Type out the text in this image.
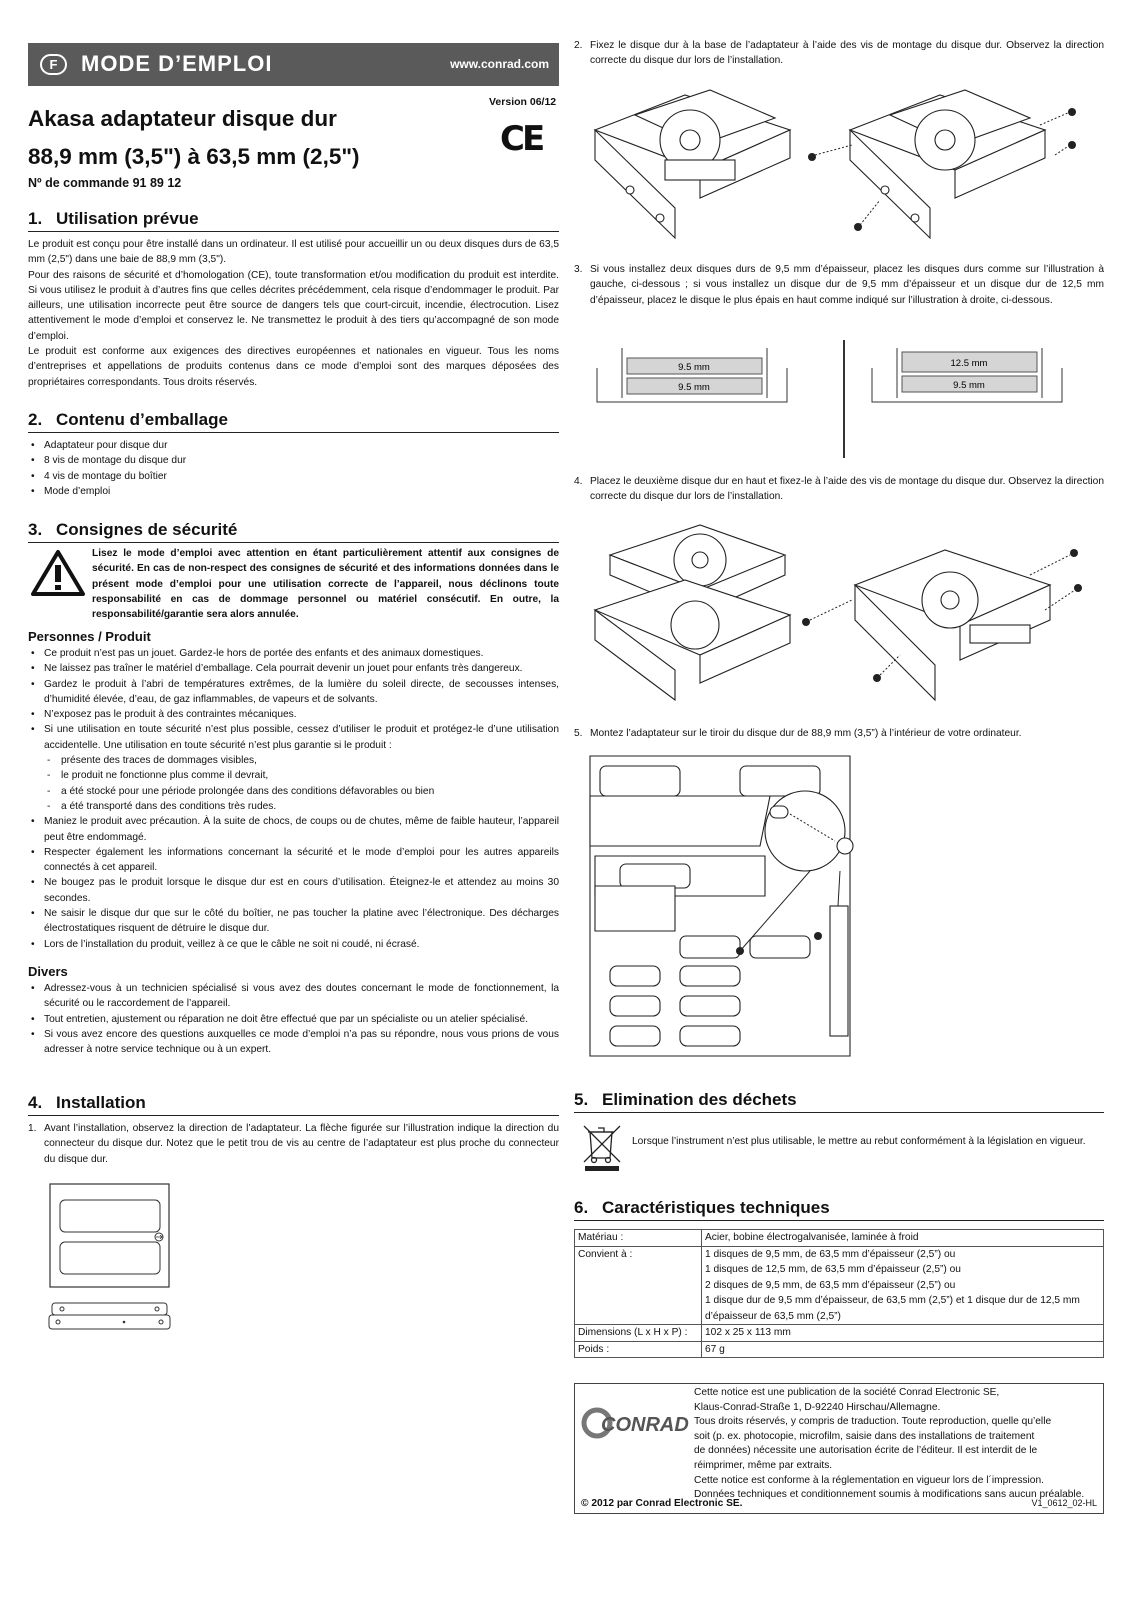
F	MODE D’EMPLOI	www.conrad.com
Version 06/12
CE
Akasa adaptateur disque dur
88,9 mm (3,5") à 63,5 mm (2,5")
Nº de commande 91 89 12
1. Utilisation prévue

Le produit est conçu pour être installé dans un ordinateur. Il est utilisé pour accueillir un ou deux disques durs de 63,5 mm (2,5") dans une baie de 88,9 mm (3,5").

Pour des raisons de sécurité et d’homologation (CE), toute transformation et/ou modification du produit est interdite. Si vous utilisez le produit à d’autres fins que celles décrites précédemment, cela risque d’endommager le produit. Par ailleurs, une utilisation incorrecte peut être source de dangers tels que court-circuit, incendie, électrocution. Lisez attentivement le mode d’emploi et conservez le. Ne transmettez le produit à des tiers qu’accompagné de son mode d’emploi.

Le produit est conforme aux exigences des directives européennes et nationales en vigueur. Tous les noms d’entreprises et appellations de produits contenus dans ce mode d’emploi sont des marques déposées des propriétaires correspondants. Tous droits réservés.

2. Contenu d’emballage
• Adaptateur pour disque dur
• 8 vis de montage du disque dur
• 4 vis de montage du boîtier
• Mode d’emploi
3. Consignes de sécurité
Lisez le mode d’emploi avec attention en étant particulièrement attentif aux consignes de sécurité. En cas de non-respect des consignes de sécurité et des informations données dans le présent mode d’emploi pour une utilisation correcte de l’appareil, nous déclinons toute responsabilité en cas de dommage personnel ou matériel consécutif. En outre, la responsabilité/garantie sera alors annulée.
Personnes / Produit
• Ce produit n’est pas un jouet. Gardez-le hors de portée des enfants et des animaux domestiques.
• Ne laissez pas traîner le matériel d’emballage. Cela pourrait devenir un jouet pour enfants très dangereux.
• Gardez le produit à l’abri de températures extrêmes, de la lumière du soleil directe, de secousses intenses, d’humidité élevée, d’eau, de gaz inflammables, de vapeurs et de solvants.
• N’exposez pas le produit à des contraintes mécaniques.
• Si une utilisation en toute sécurité n’est plus possible, cessez d’utiliser le produit et protégez-le d’une utilisation accidentelle. Une utilisation en toute sécurité n’est plus garantie si le produit :
- présente des traces de dommages visibles,
- le produit ne fonctionne plus comme il devrait,
- a été stocké pour une période prolongée dans des conditions défavorables ou bien
- a été transporté dans des conditions très rudes.
• Maniez le produit avec précaution. À la suite de chocs, de coups ou de chutes, même de faible hauteur, l’appareil peut être endommagé.
• Respecter également les informations concernant la sécurité et le mode d’emploi pour les autres appareils connectés à cet appareil.
• Ne bougez pas le produit lorsque le disque dur est en cours d’utilisation. Éteignez-le et attendez au moins 30 secondes.
• Ne saisir le disque dur que sur le côté du boîtier, ne pas toucher la platine avec l’électronique. Des décharges électrostatiques risquent de détruire le disque dur.
• Lors de l’installation du produit, veillez à ce que le câble ne soit ni coudé, ni écrasé.
Divers
• Adressez-vous à un technicien spécialisé si vous avez des doutes concernant le mode de fonctionnement, la sécurité ou le raccordement de l’appareil.
• Tout entretien, ajustement ou réparation ne doit être effectué que par un spécialiste ou un atelier spécialisé.
• Si vous avez encore des questions auxquelles ce mode d’emploi n’a pas su répondre, nous vous prions de vous adresser à notre service technique ou à un expert.
4. Installation
1. Avant l’installation, observez la direction de l’adaptateur. La flèche figurée sur l’illustration indique la direction du connecteur du disque dur. Notez que le petit trou de vis au centre de l’adaptateur est plus proche du connecteur du disque dur.
2. Fixez le disque dur à la base de l’adaptateur à l’aide des vis de montage du disque dur. Observez la direction correcte du disque dur lors de l’installation.
3. Si vous installez deux disques durs de 9,5 mm d’épaisseur, placez les disques durs comme sur l’illustration à gauche, ci-dessous ; si vous installez un disque dur de 9,5 mm d’épaisseur et un disque dur de 12,5 mm d’épaisseur, placez le disque le plus épais en haut comme indiqué sur l’illustration à droite, ci-dessous.
9.5 mm
9.5 mm
12.5 mm
9.5 mm
4. Placez le deuxième disque dur en haut et fixez-le à l’aide des vis de montage du disque dur. Observez la direction correcte du disque dur lors de l’installation.
5. Montez l’adaptateur sur le tiroir du disque dur de 88,9 mm (3,5”) à l’intérieur de votre ordinateur.
5. Elimination des déchets
Lorsque l’instrument n’est plus utilisable, le mettre au rebut conformément à la législation en vigueur.
6. Caractéristiques techniques
Matériau :	Acier, bobine électrogalvanisée, laminée à froid
Convient à :	1 disques de 9,5 mm, de 63,5 mm d’épaisseur (2,5”) ou
1 disques de 12,5 mm, de 63,5 mm d’épaisseur (2,5”) ou
2 disques de 9,5 mm, de 63,5 mm d’épaisseur (2,5”) ou
1 disque dur de 9,5 mm d’épaisseur, de 63,5 mm (2,5”) et 1 disque dur de 12,5 mm d’épaisseur de 63,5 mm (2,5”)

Dimensions (L x H x P) :	102 x 25 x 113 mm
Poids :	67 g
CONRAD
Cette notice est une publication de la société Conrad Electronic SE,
Klaus-Conrad-Straße 1, D-92240 Hirschau/Allemagne.
Tous droits réservés, y compris de traduction. Toute reproduction, quelle qu’elle
soit (p. ex. photocopie, microfilm, saisie dans des installations de traitement
de données) nécessite une autorisation écrite de l’éditeur. Il est interdit de le
réimprimer, même par extraits.
Cette notice est conforme à la réglementation en vigueur lors de l´impression.
Données techniques et conditionnement soumis à modifications sans aucun préalable.
© 2012 par Conrad Electronic SE.	V1_0612_02-HL
